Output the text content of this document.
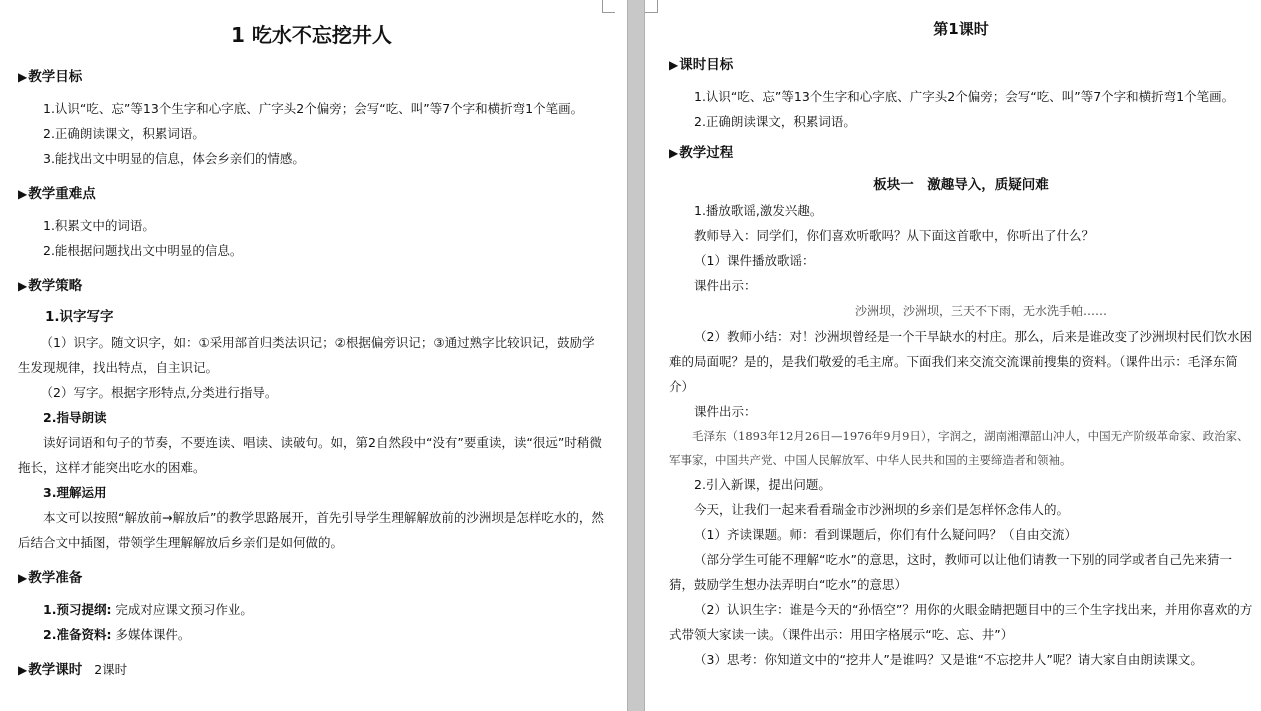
1 吃水不忘挖井人
▶教学目标

1.认识“吃、忘”等13个生字和心字底、广字头2个偏旁；会写“吃、叫”等7个字和横折弯1个笔画。

2.正确朗读课文，积累词语。

3.能找出文中明显的信息，体会乡亲们的情感。

▶教学重难点

1.积累文中的词语。

2.能根据问题找出文中明显的信息。

▶教学策略

1.识字写字

（1）识字。随文识字，如：①采用部首归类法识记；②根据偏旁识记；③通过熟字比较识记，鼓励学生发现规律，找出特点，自主识记。

（2）写字。根据字形特点,分类进行指导。

2.指导朗读

读好词语和句子的节奏，不要连读、唱读、读破句。如，第2自然段中“没有”要重读，读“很远”时稍微拖长，这样才能突出吃水的困难。

3.理解运用

本文可以按照“解放前→解放后”的教学思路展开，首先引导学生理解解放前的沙洲坝是怎样吃水的，然后结合文中插图，带领学生理解解放后乡亲们是如何做的。

▶教学准备

1.预习提纲: 完成对应课文预习作业。

2.准备资料: 多媒体课件。

▶教学课时 2课时
第1课时
▶课时目标

1.认识“吃、忘”等13个生字和心字底、广字头2个偏旁；会写“吃、叫”等7个字和横折弯1个笔画。

2.正确朗读课文，积累词语。

▶教学过程
板块一　激趣导入，质疑问难

1.播放歌谣,激发兴趣。

教师导入：同学们，你们喜欢听歌吗？从下面这首歌中，你听出了什么？

（1）课件播放歌谣：

课件出示：

沙洲坝，沙洲坝，三天不下雨，无水洗手帕……

（2）教师小结：对！沙洲坝曾经是一个干旱缺水的村庄。那么，后来是谁改变了沙洲坝村民们饮水困难的局面呢？是的，是我们敬爱的毛主席。下面我们来交流交流课前搜集的资料。（课件出示：毛泽东简介）

课件出示：

毛泽东（1893年12月26日—1976年9月9日），字润之，湖南湘潭韶山冲人，中国无产阶级革命家、政治家、军事家，中国共产党、中国人民解放军、中华人民共和国的主要缔造者和领袖。

2.引入新课，提出问题。

今天，让我们一起来看看瑞金市沙洲坝的乡亲们是怎样怀念伟人的。

（1）齐读课题。师：看到课题后，你们有什么疑问吗？（自由交流）

（部分学生可能不理解“吃水”的意思，这时，教师可以让他们请教一下别的同学或者自己先来猜一猜，鼓励学生想办法弄明白“吃水”的意思）

（2）认识生字：谁是今天的“孙悟空”？用你的火眼金睛把题目中的三个生字找出来，并用你喜欢的方式带领大家读一读。（课件出示：用田字格展示“吃、忘、井”）

（3）思考：你知道文中的“挖井人”是谁吗？又是谁“不忘挖井人”呢？请大家自由朗读课文。
